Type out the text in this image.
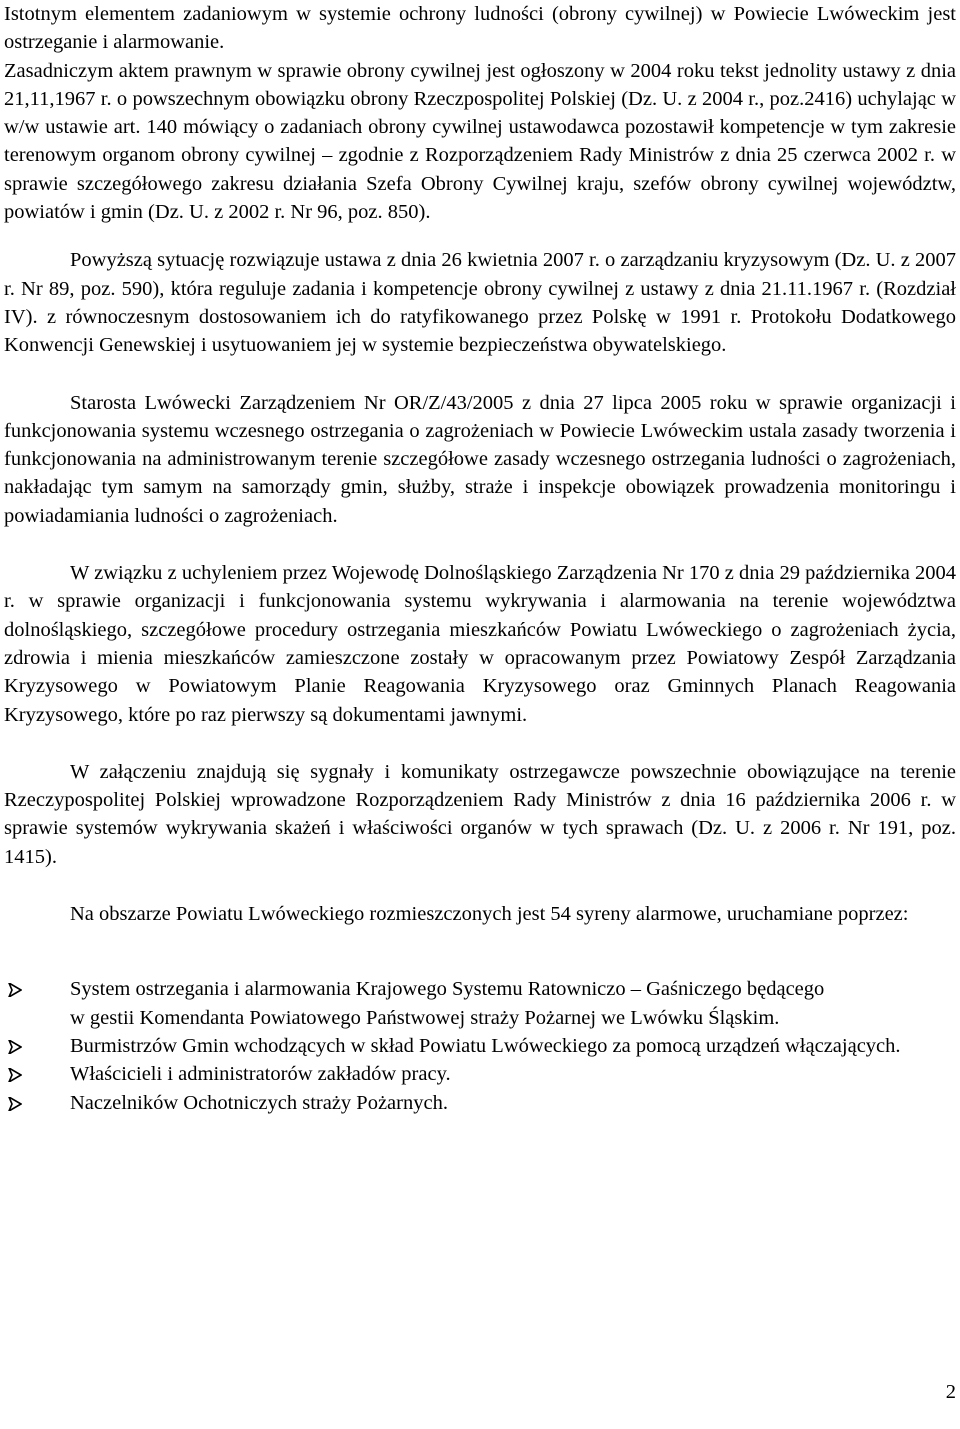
Istotnym elementem zadaniowym w systemie ochrony ludności (obrony cywilnej) w Powiecie Lwóweckim jest ostrzeganie i alarmowanie.

Zasadniczym aktem prawnym w sprawie obrony cywilnej jest ogłoszony w 2004 roku tekst jednolity ustawy z dnia 21,11,1967 r. o powszechnym obowiązku obrony Rzeczpospolitej Polskiej (Dz. U. z 2004 r., poz.2416) uchylając w w/w ustawie art. 140 mówiący o zadaniach obrony cywilnej ustawodawca pozostawił kompetencje w tym zakresie terenowym organom obrony cywilnej – zgodnie z Rozporządzeniem Rady Ministrów z dnia 25 czerwca 2002 r. w sprawie szczegółowego zakresu działania Szefa Obrony Cywilnej kraju, szefów obrony cywilnej województw, powiatów i gmin (Dz. U. z 2002 r. Nr 96, poz. 850).

Powyższą sytuację rozwiązuje ustawa z dnia 26 kwietnia 2007 r. o zarządzaniu kryzysowym (Dz. U. z 2007 r. Nr 89, poz. 590), która reguluje zadania i kompetencje obrony cywilnej z ustawy z dnia 21.11.1967 r. (Rozdział IV). z równoczesnym dostosowaniem ich do ratyfikowanego przez Polskę w 1991 r. Protokołu Dodatkowego Konwencji Genewskiej i usytuowaniem jej w systemie bezpieczeństwa obywatelskiego.

Starosta Lwówecki Zarządzeniem Nr OR/Z/43/2005 z dnia 27 lipca 2005 roku w sprawie organizacji i funkcjonowania systemu wczesnego ostrzegania o zagrożeniach w Powiecie Lwóweckim ustala zasady tworzenia i funkcjonowania na administrowanym terenie szczegółowe zasady wczesnego ostrzegania ludności o zagrożeniach, nakładając tym samym na samorządy gmin, służby, straże i inspekcje obowiązek prowadzenia monitoringu i powiadamiania ludności o zagrożeniach.

W związku z uchyleniem przez Wojewodę Dolnośląskiego Zarządzenia Nr 170 z dnia 29 października 2004 r. w sprawie organizacji i funkcjonowania systemu wykrywania i alarmowania na terenie województwa dolnośląskiego, szczegółowe procedury ostrzegania mieszkańców Powiatu Lwóweckiego o zagrożeniach życia, zdrowia i mienia mieszkańców zamieszczone zostały w opracowanym przez Powiatowy Zespół Zarządzania Kryzysowego w Powiatowym Planie Reagowania Kryzysowego oraz Gminnych Planach Reagowania Kryzysowego, które po raz pierwszy są dokumentami jawnymi.

W załączeniu znajdują się sygnały i komunikaty ostrzegawcze powszechnie obowiązujące na terenie Rzeczypospolitej Polskiej wprowadzone Rozporządzeniem Rady Ministrów z dnia 16 października 2006 r. w sprawie systemów wykrywania skażeń i właściwości organów w tych sprawach (Dz. U. z 2006 r. Nr 191, poz. 1415).

Na obszarze Powiatu Lwóweckiego rozmieszczonych jest 54 syreny alarmowe, uruchamiane poprzez:

System ostrzegania i alarmowania Krajowego Systemu Ratowniczo – Gaśniczego będącego
w gestii Komendanta Powiatowego Państwowej straży Pożarnej we Lwówku Śląskim.
Burmistrzów Gmin wchodzących w skład Powiatu Lwóweckiego za pomocą urządzeń włączających.
Właścicieli i administratorów zakładów pracy.
Naczelników Ochotniczych straży Pożarnych.
2
